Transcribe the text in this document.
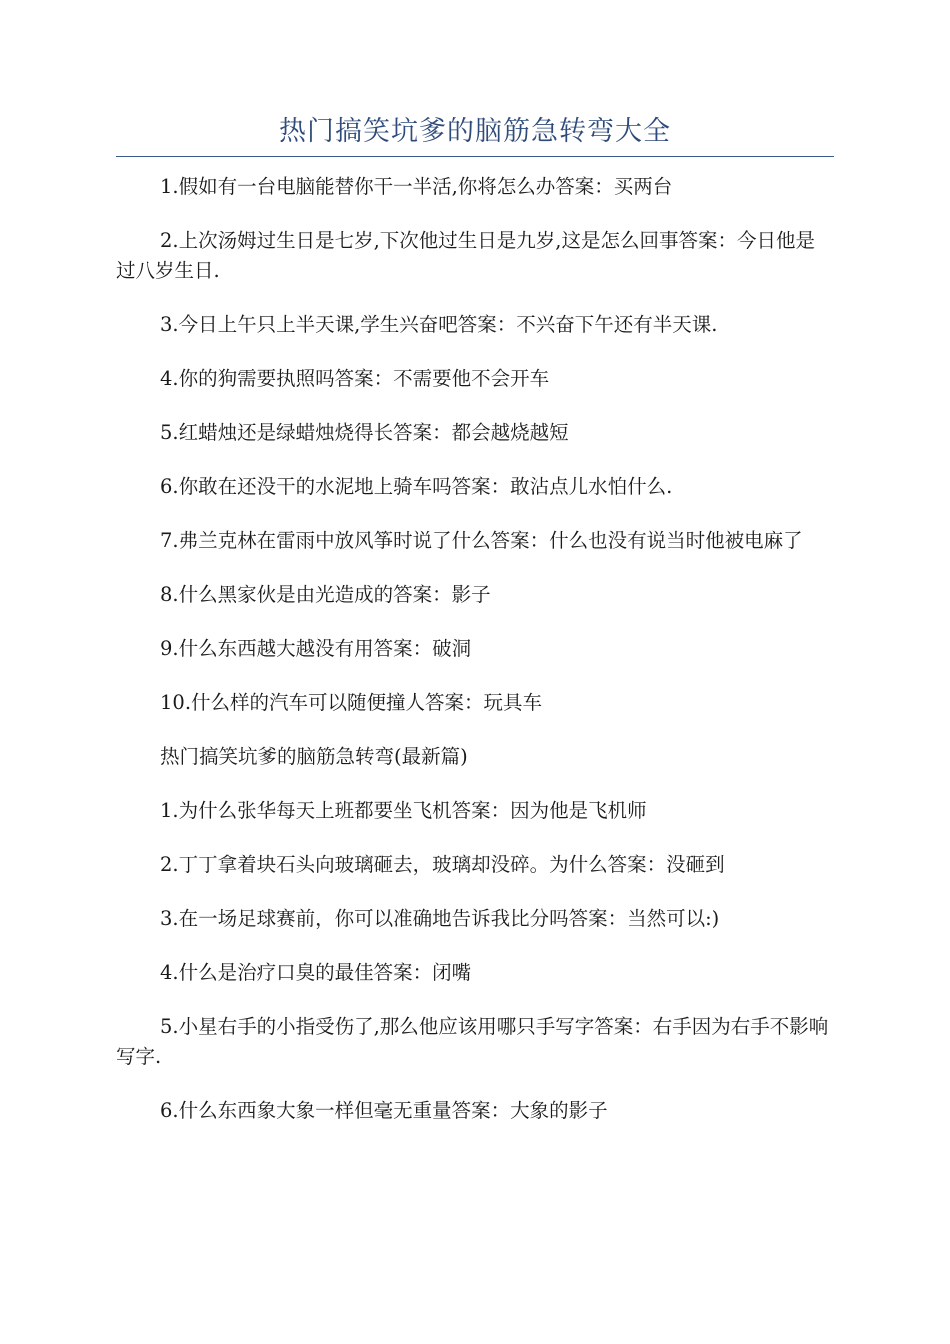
热门搞笑坑爹的脑筋急转弯大全

1.假如有一台电脑能替你干一半活,你将怎么办答案：买两台

2.上次汤姆过生日是七岁,下次他过生日是九岁,这是怎么回事答案：今日他是过八岁生日.

3.今日上午只上半天课,学生兴奋吧答案：不兴奋下午还有半天课.

4.你的狗需要执照吗答案：不需要他不会开车

5.红蜡烛还是绿蜡烛烧得长答案：都会越烧越短

6.你敢在还没干的水泥地上骑车吗答案：敢沾点儿水怕什么.

7.弗兰克林在雷雨中放风筝时说了什么答案：什么也没有说当时他被电麻了

8.什么黑家伙是由光造成的答案：影子

9.什么东西越大越没有用答案：破洞

10.什么样的汽车可以随便撞人答案：玩具车

热门搞笑坑爹的脑筋急转弯(最新篇)

1.为什么张华每天上班都要坐飞机答案：因为他是飞机师

2.丁丁拿着块石头向玻璃砸去，玻璃却没碎。为什么答案：没砸到

3.在一场足球赛前，你可以准确地告诉我比分吗答案：当然可以:)

4.什么是治疗口臭的最佳答案：闭嘴

5.小星右手的小指受伤了,那么他应该用哪只手写字答案：右手因为右手不影响写字.

6.什么东西象大象一样但毫无重量答案：大象的影子
